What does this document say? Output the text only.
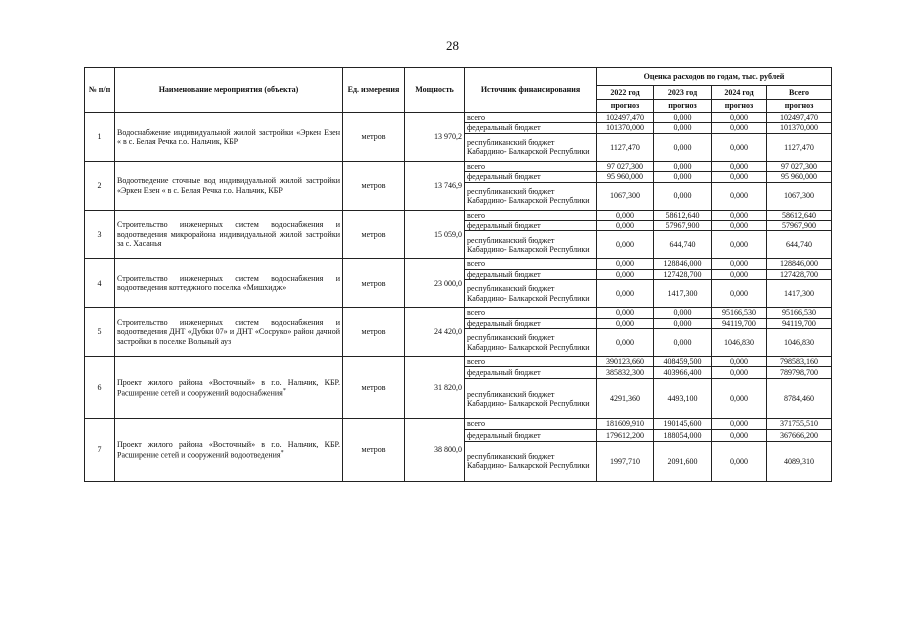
28
№ п/п	Наименование мероприятия (объекта)	Ед. измерения	Мощность	Источник финансирования	Оценка расходов по годам, тыс. рублей			
					2022 год	2023 год	2024 год	Всего
					прогноз	прогноз	прогноз	прогноз
1	Водоснабжение индивидуальной жилой застройки «Эркен Езен « в с. Белая Речка г.о. Нальчик, КБР	метров	13 970,2	всего	102497,470	0,000	0,000	102497,470
				федеральный бюджет	101370,000	0,000	0,000	101370,000
				республиканский бюджет Кабардино- Балкарской Республики	1127,470	0,000	0,000	1127,470
2	Водоотведение сточные вод индивидуальной жилой застройки «Эркен Езен « в с. Белая Речка г.о. Нальчик, КБР	метров	13 746,9	всего	97 027,300	0,000	0,000	97 027,300
				федеральный бюджет	95 960,000	0,000	0,000	95 960,000
				республиканский бюджет Кабардино- Балкарской Республики	1067,300	0,000	0,000	1067,300
3	Строительство инженерных систем водоснабжения и водоотведения микрорайона индивидуальной жилой застройки за с. Хасанья	метров	15 059,0	всего	0,000	58612,640	0,000	58612,640
				федеральный бюджет	0,000	57967,900	0,000	57967,900
				республиканский бюджет Кабардино- Балкарской Республики	0,000	644,740	0,000	644,740
4	Строительство инженерных систем водоснабжения и водоотведения коттеджного поселка «Мишхидж»	метров	23 000,0	всего	0,000	128846,000	0,000	128846,000
				федеральный бюджет	0,000	127428,700	0,000	127428,700
				республиканский бюджет Кабардино- Балкарской Республики	0,000	1417,300	0,000	1417,300
5	Строительство инженерных систем водоснабжения и водоотведения ДНТ «Дубки 07» и ДНТ «Сосруко» район дачной застройки в поселке Вольный ауз	метров	24 420,0	всего	0,000	0,000	95166,530	95166,530
				федеральный бюджет	0,000	0,000	94119,700	94119,700
				республиканский бюджет Кабардино- Балкарской Республики	0,000	0,000	1046,830	1046,830
6	Проект жилого района «Восточный» в г.о. Нальчик, КБР. Расширение сетей и сооружений водоснабжения*	метров	31 820,0	всего	390123,660	408459,500	0,000	798583,160
				федеральный бюджет	385832,300	403966,400	0,000	789798,700
				республиканский бюджет Кабардино- Балкарской Республики	4291,360	4493,100	0,000	8784,460
7	Проект жилого района «Восточный» в г.о. Нальчик, КБР. Расширение сетей и сооружений водоотведения*	метров	38 800,0	всего	181609,910	190145,600	0,000	371755,510
				федеральный бюджет	179612,200	188054,000	0,000	367666,200
				республиканский бюджет Кабардино- Балкарской Республики	1997,710	2091,600	0,000	4089,310
